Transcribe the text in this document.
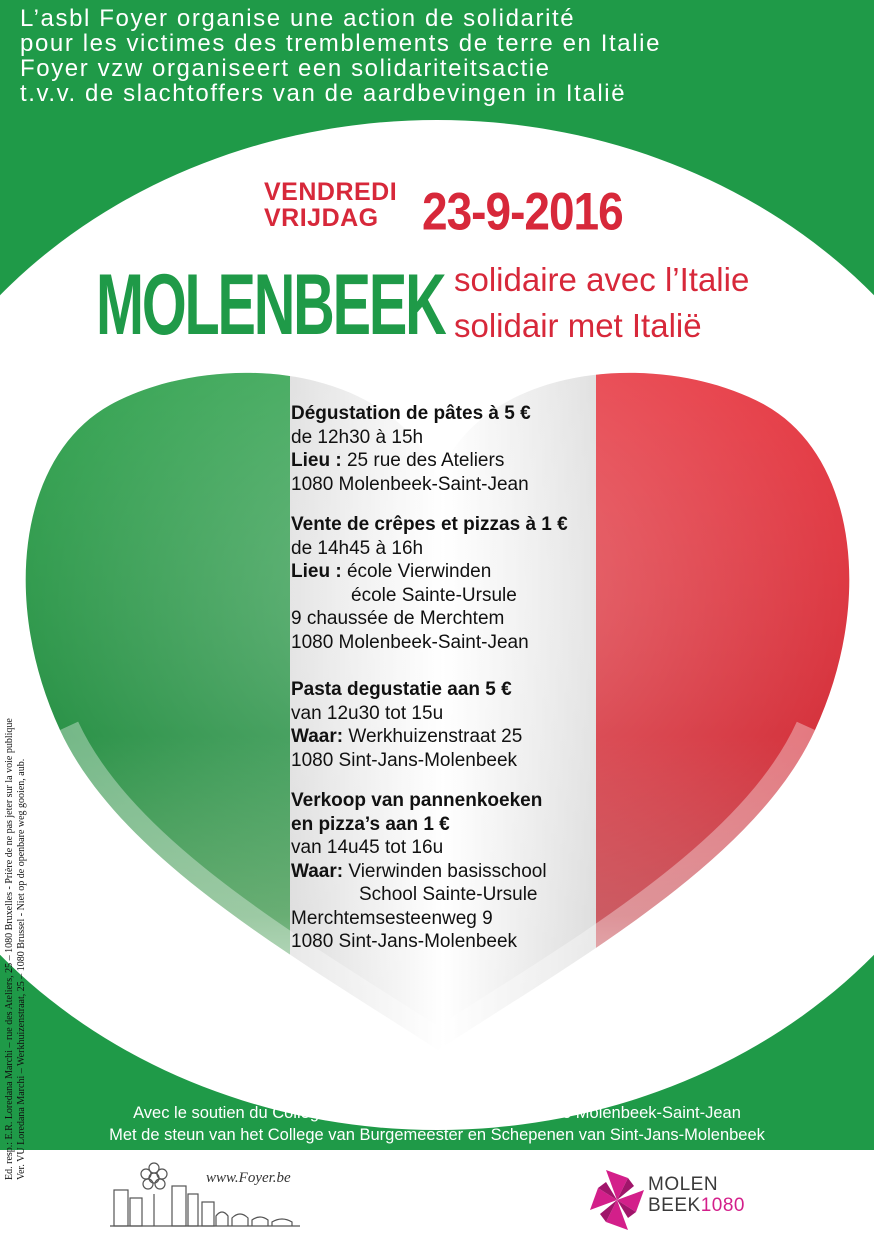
L’asbl Foyer organise une action de solidarité
pour les victimes des tremblements de terre en Italie
Foyer vzw organiseert een solidariteitsactie
t.v.v. de slachtoffers van de aardbevingen in Italië
VENDREDI
VRIJDAG 23-9-2016
MOLENBEEK solidaire avec l’Italie
solidair met Italië
Dégustation de pâtes à 5 €
de 12h30 à 15h
Lieu : 25 rue des Ateliers
1080 Molenbeek-Saint-Jean
Vente de crêpes et pizzas à 1 €
de 14h45 à 16h
Lieu : école Vierwinden
école Sainte-Ursule
9 chaussée de Merchtem
1080 Molenbeek-Saint-Jean
Pasta degustatie aan 5 €
van 12u30 tot 15u
Waar: Werkhuizenstraat 25
1080 Sint-Jans-Molenbeek
Verkoop van pannenkoeken
en pizza’s aan 1 €
van 14u45 tot 16u
Waar: Vierwinden basisschool
School Sainte-Ursule
Merchtemsesteenweg 9
1080 Sint-Jans-Molenbeek
Ed. resp.: E.R. Loredana Marchi – rue des Ateliers, 25 – 1080 Bruxelles - Prière de ne pas jeter sur la voie publique Ver. VU Loredana Marchi – Werkhuizenstraat, 25 – 1080 Brussel - Niet op de openbare weg gooien, aub.	Avec le soutien du Collège des Bourgmestre et Echevins de Molenbeek-Saint-Jean
Met de steun van het College van Burgemeester en Schepenen van Sint-Jans-Molenbeek
www.Foyer.be	MOLEN
BEEK1080
